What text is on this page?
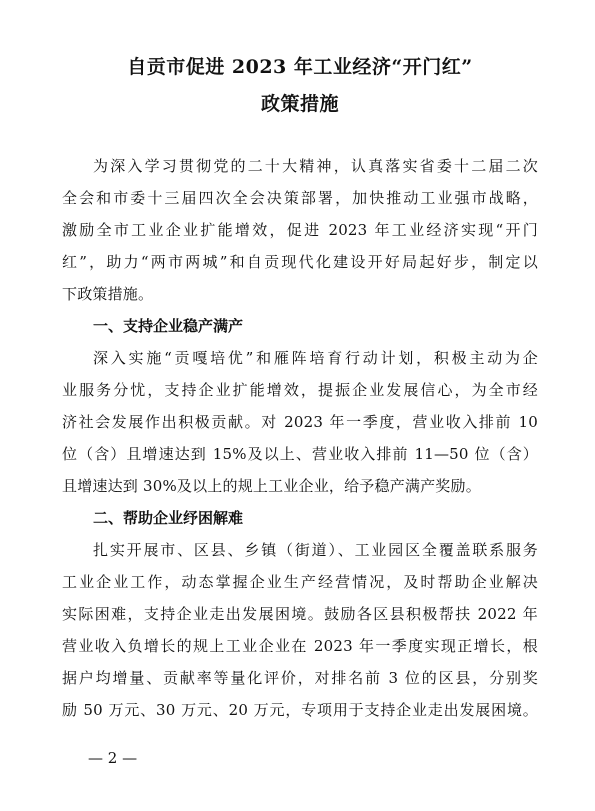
自贡市促进 2023 年工业经济“开门红”
政策措施
为深入学习贯彻党的二十大精神，认真落实省委十二届二次
全会和市委十三届四次全会决策部署，加快推动工业强市战略，
激励全市工业企业扩能增效，促进 2023 年工业经济实现“开门
红”，助力“两市两城”和自贡现代化建设开好局起好步，制定以
下政策措施。
一、支持企业稳产满产
深入实施“贡嘎培优”和雁阵培育行动计划，积极主动为企
业服务分忧，支持企业扩能增效，提振企业发展信心，为全市经
济社会发展作出积极贡献。对 2023 年一季度，营业收入排前 10
位（含）且增速达到 15%及以上、营业收入排前 11—50 位（含）
且增速达到 30%及以上的规上工业企业，给予稳产满产奖励。
二、帮助企业纾困解难
扎实开展市、区县、乡镇（街道）、工业园区全覆盖联系服务
工业企业工作，动态掌握企业生产经营情况，及时帮助企业解决
实际困难，支持企业走出发展困境。鼓励各区县积极帮扶 2022 年
营业收入负增长的规上工业企业在 2023 年一季度实现正增长，根
据户均增量、贡献率等量化评价，对排名前 3 位的区县，分别奖
励 50 万元、30 万元、20 万元，专项用于支持企业走出发展困境。
— 2 —
